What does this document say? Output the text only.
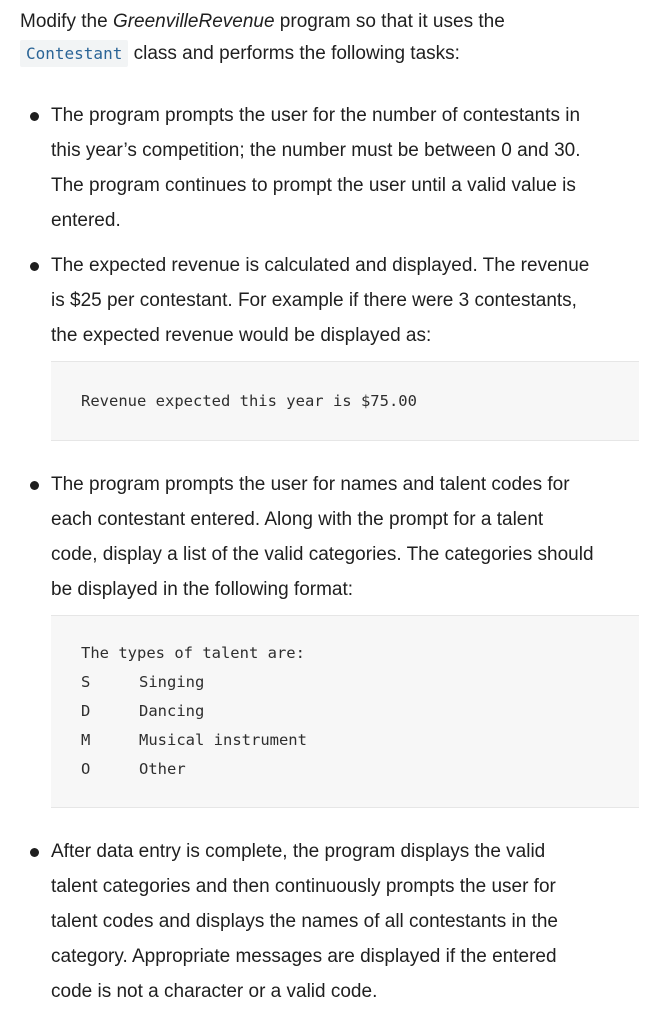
Modify the GreenvilleRevenue program so that it uses the
Contestant class and performs the following tasks:

The program prompts the user for the number of contestants in
this year’s competition; the number must be between 0 and 30.
The program continues to prompt the user until a valid value is
entered.
The expected revenue is calculated and displayed. The revenue
is $25 per contestant. For example if there were 3 contestants,
the expected revenue would be displayed as:
Revenue expected this year is $75.00
The program prompts the user for names and talent codes for
each contestant entered. Along with the prompt for a talent
code, display a list of the valid categories. The categories should
be displayed in the following format:
The types of talent are:
S	Singing
D	Dancing
M	Musical instrument
O	Other
After data entry is complete, the program displays the valid
talent categories and then continuously prompts the user for
talent codes and displays the names of all contestants in the
category. Appropriate messages are displayed if the entered
code is not a character or a valid code.
